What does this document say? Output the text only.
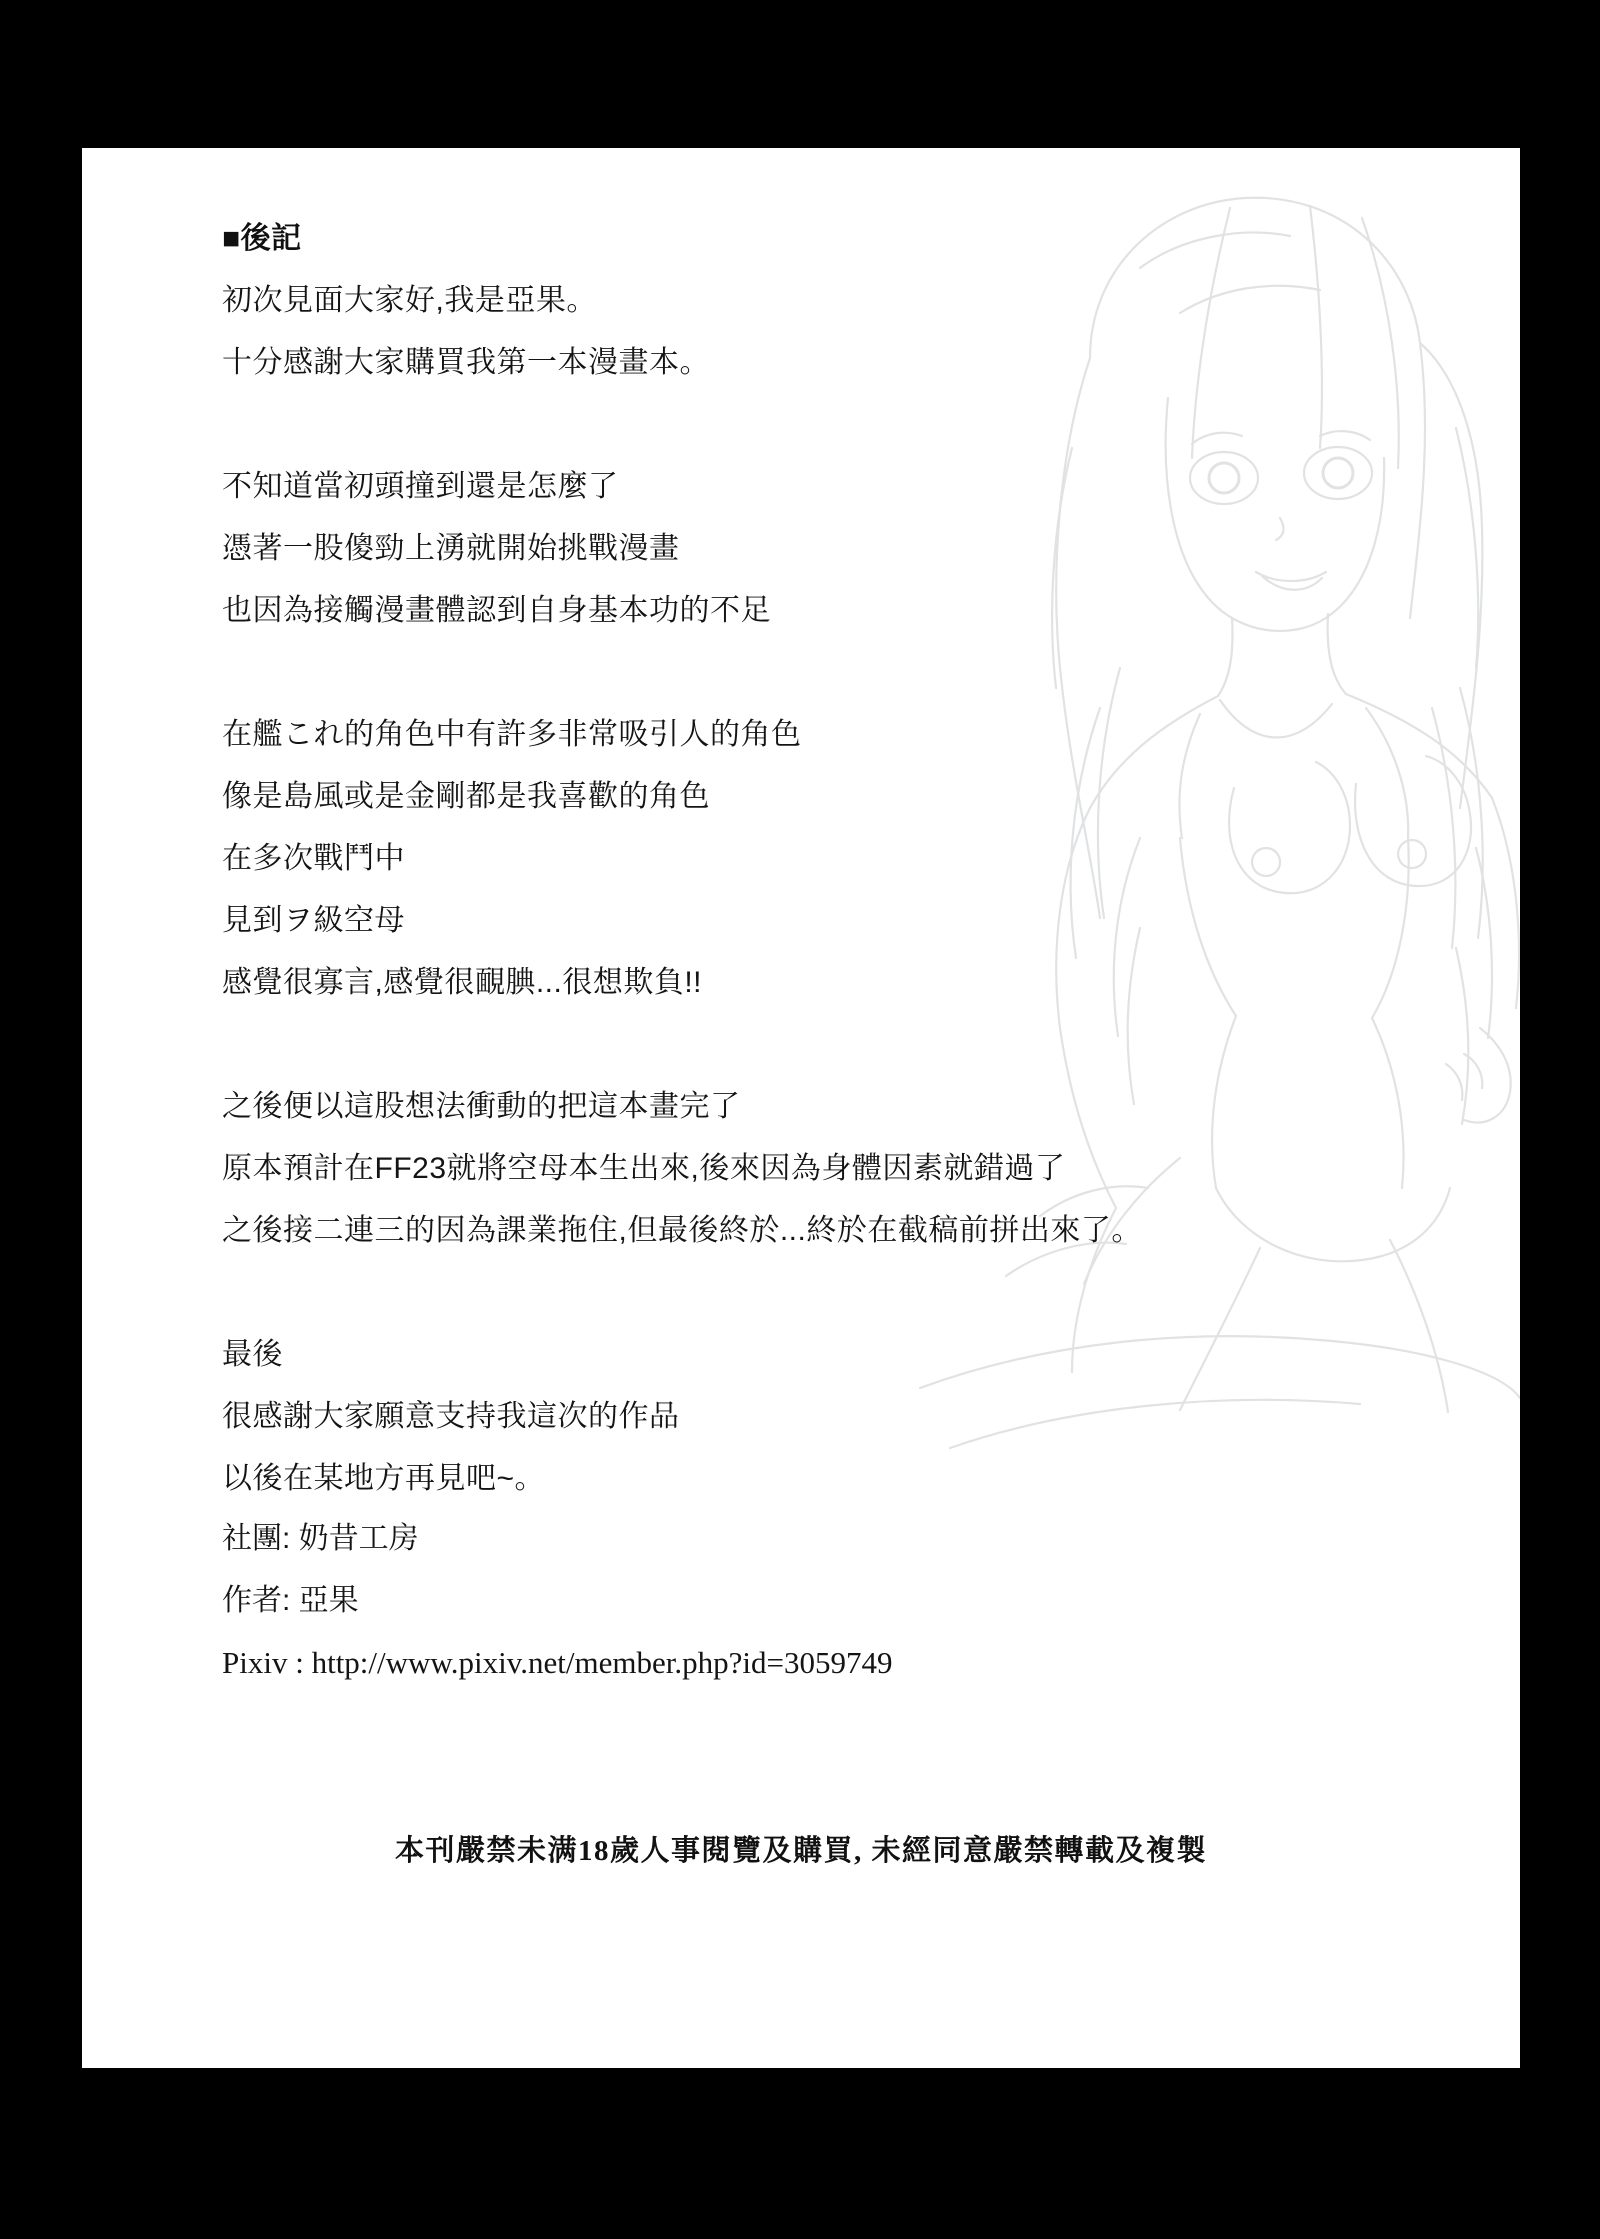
■後記
初次見面大家好,我是亞果。
十分感謝大家購買我第一本漫畫本。
不知道當初頭撞到還是怎麼了
憑著一股傻勁上湧就開始挑戰漫畫
也因為接觸漫畫體認到自身基本功的不足
在艦これ的角色中有許多非常吸引人的角色
像是島風或是金剛都是我喜歡的角色
在多次戰鬥中
見到ヲ級空母
感覺很寡言,感覺很靦腆...很想欺負!!
之後便以這股想法衝動的把這本畫完了
原本預計在FF23就將空母本生出來,後來因為身體因素就錯過了
之後接二連三的因為課業拖住,但最後終於...終於在截稿前拼出來了。
最後
很感謝大家願意支持我這次的作品
以後在某地方再見吧~。
社團: 奶昔工房
作者: 亞果
Pixiv : http://www.pixiv.net/member.php?id=3059749
本刊嚴禁未满18歲人事閱覽及購買, 未經同意嚴禁轉載及複製
